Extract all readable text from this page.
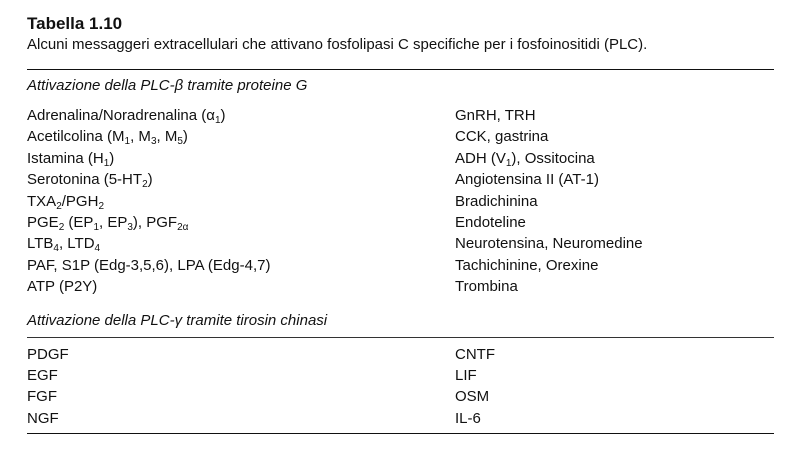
Tabella 1.10
Alcuni messaggeri extracellulari che attivano fosfolipasi C specifiche per i fosfoinositidi (PLC).
Attivazione della PLC-β tramite proteine G
Adrenalina/Noradrenalina $(\alpha_1)$	GnRH, TRH
Acetilcolina ($M_1$, $M_3$, $M_5$)	CCK, gastrina
Istamina $(H_1)$	ADH $(V_1)$, Ossitocina
Serotonina $(5-HT_2)$	Angiotensina II (AT-1)
$TXA_2/PGH_2$	Bradichinina
$PGE_2$ ($EP_1$, $EP_3$), $PGF_{2\alpha}$	Endoteline
$LTB_4$, $LTD_4$	Neurotensina, Neuromedine
PAF, S1P (Edg-3,5,6), LPA (Edg-4,7)	Tachichinine, Orexine
ATP (P2Y)	Trombina
Attivazione della PLC-γ tramite tirosin chinasi
PDGF	CNTF
EGF	LIF
FGF	OSM
NGF	IL-6
